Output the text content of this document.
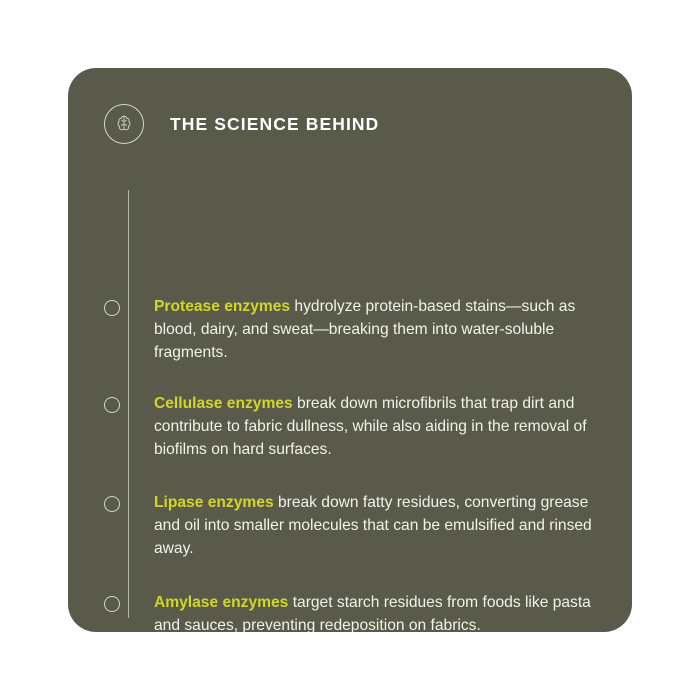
THE SCIENCE BEHIND
Protease enzymes hydrolyze protein-based stains—such as blood, dairy, and sweat—breaking them into water-soluble fragments.
Cellulase enzymes break down microfibrils that trap dirt and contribute to fabric dullness, while also aiding in the removal of biofilms on hard surfaces.
Lipase enzymes break down fatty residues, converting grease and oil into smaller molecules that can be emulsified and rinsed away.
Amylase enzymes target starch residues from foods like pasta and sauces, preventing redeposition on fabrics.
